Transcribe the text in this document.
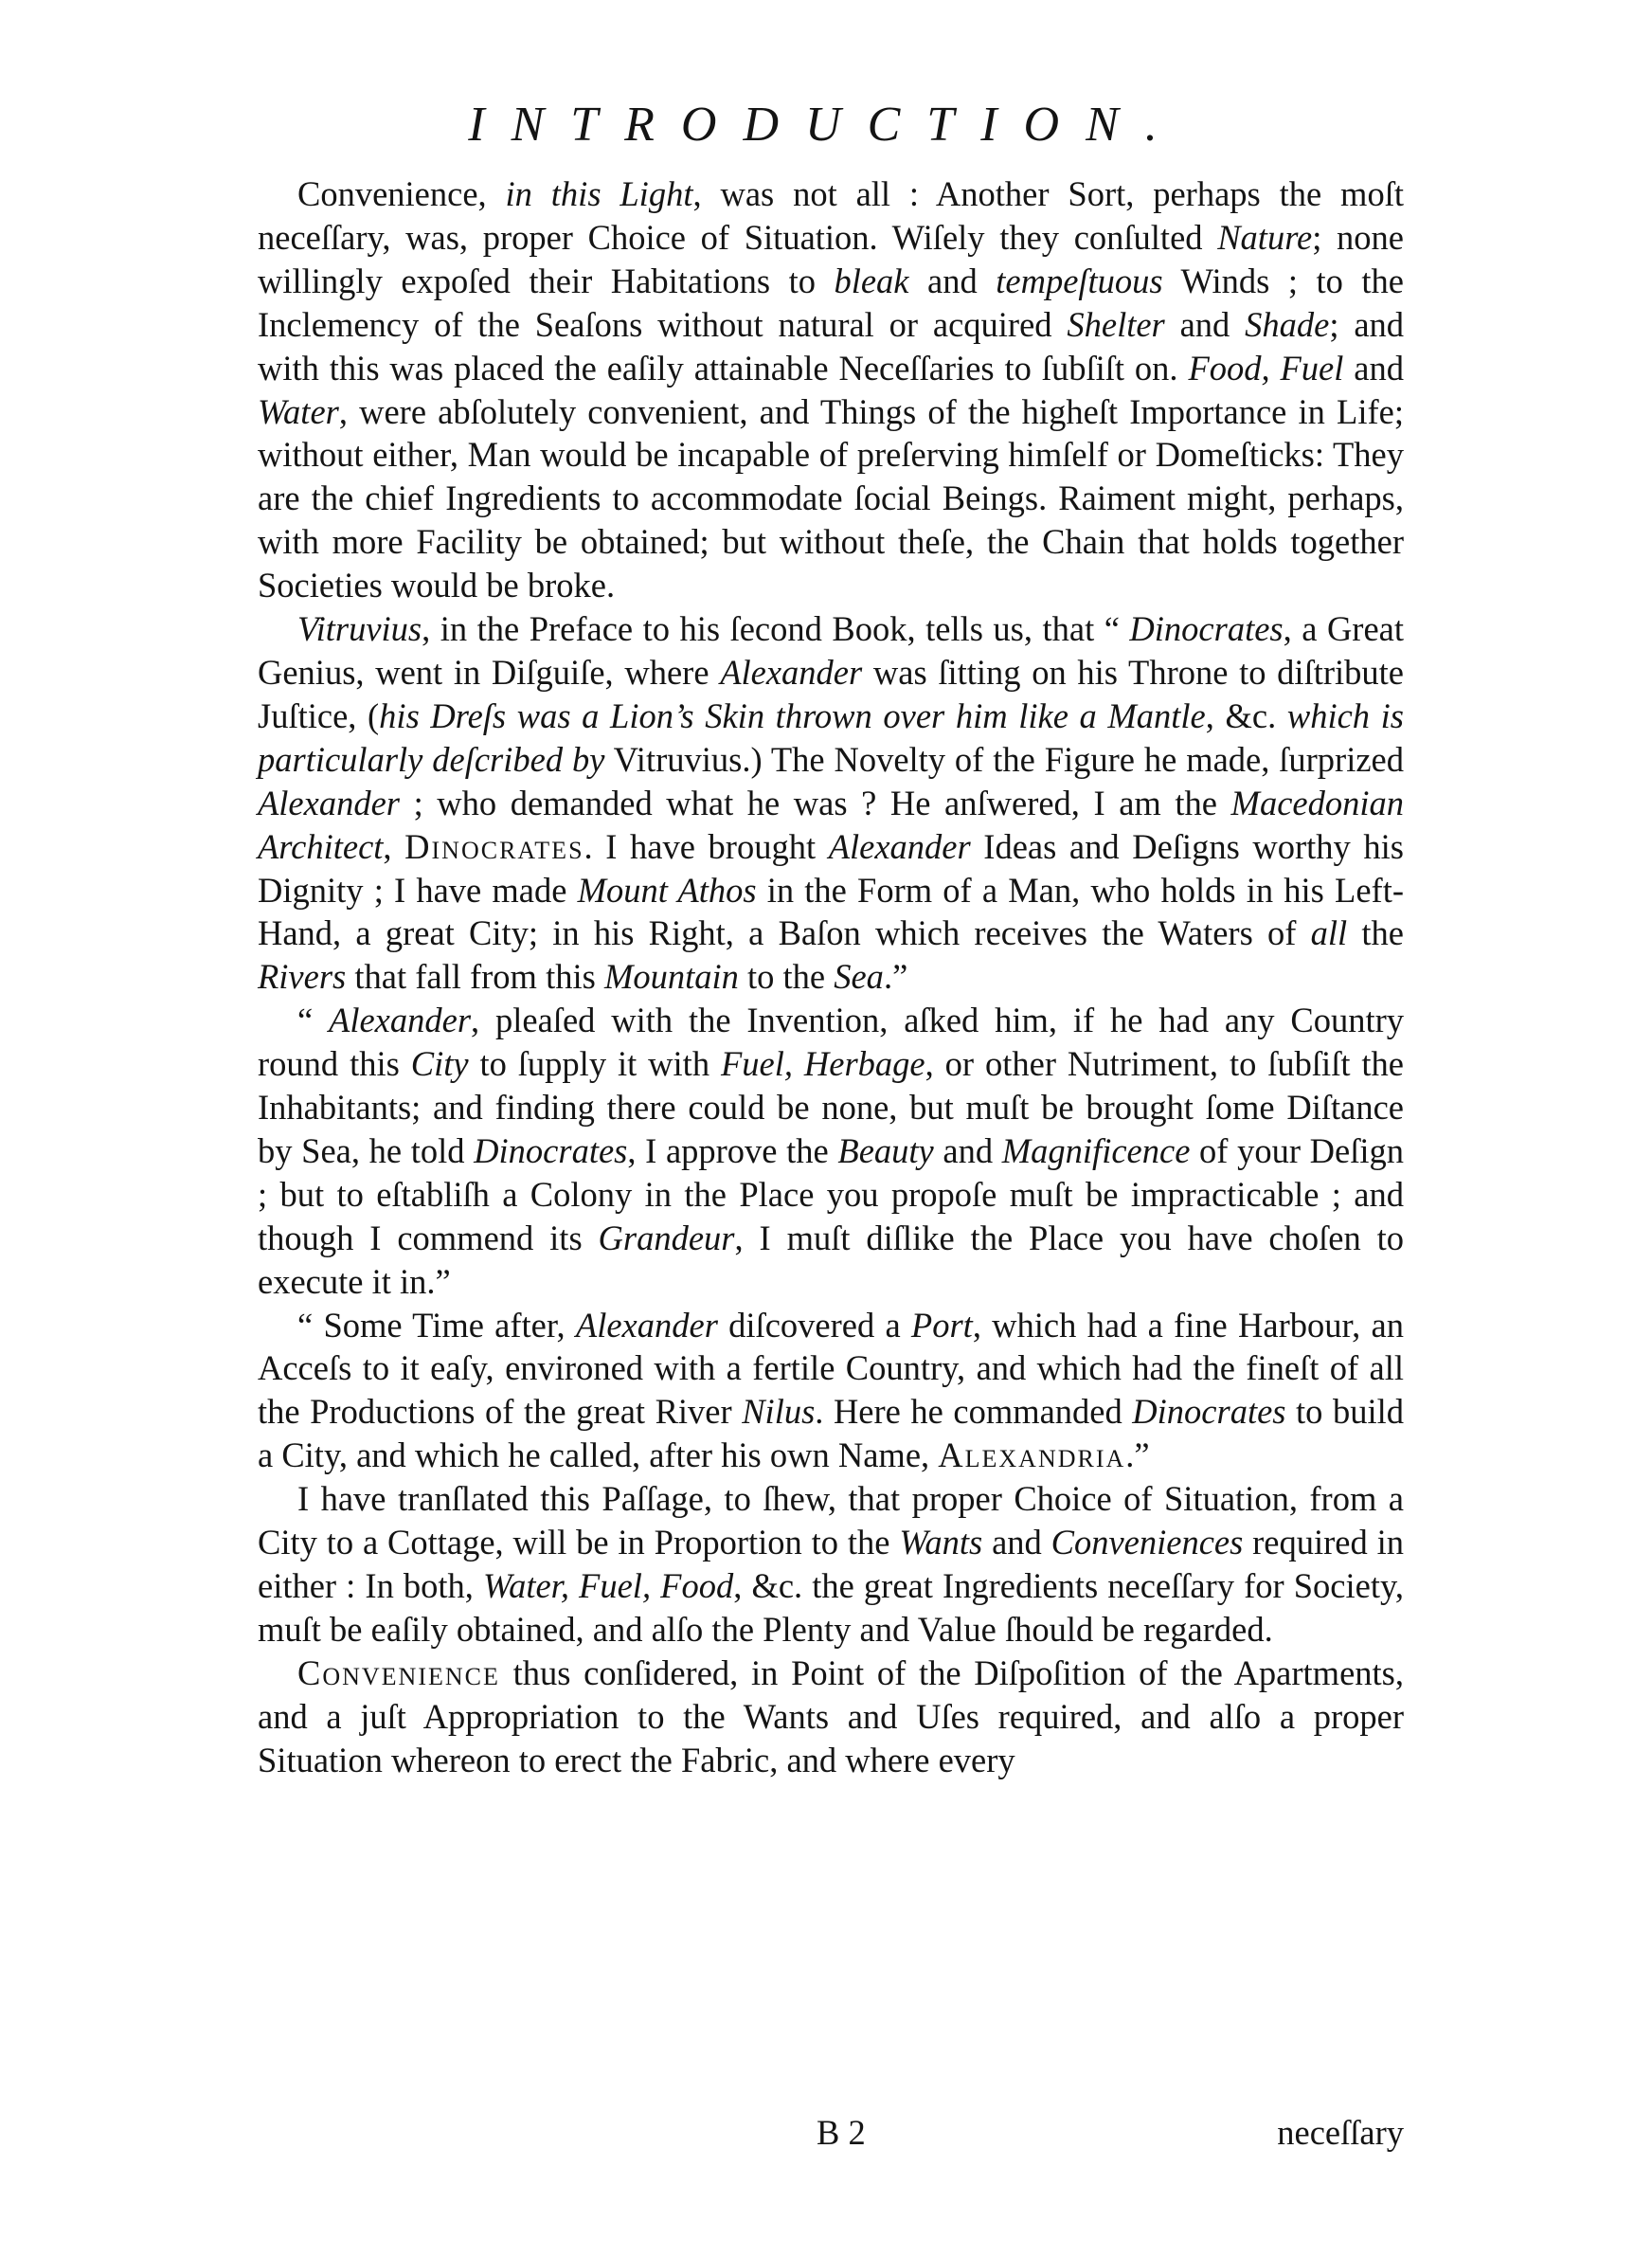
INTRODUCTION.

Convenience, in this Light, was not all : Another Sort, perhaps the moſt neceſſary, was, proper Choice of Situation. Wiſely they conſulted Nature; none willingly expoſed their Habitations to bleak and tempeſtuous Winds ; to the Inclemency of the Seaſons without natural or acquired Shelter and Shade; and with this was placed the eaſily attainable Neceſſaries to ſubſiſt on. Food, Fuel and Water, were abſolutely convenient, and Things of the higheſt Importance in Life; without either, Man would be incapable of preſerving himſelf or Domeſticks: They are the chief Ingredients to accommodate ſocial Beings. Raiment might, perhaps, with more Facility be obtained; but without theſe, the Chain that holds together Societies would be broke.

Vitruvius, in the Preface to his ſecond Book, tells us, that “ Dinocrates, a Great Genius, went in Diſguiſe, where Alexander was ſitting on his Throne to diſtribute Juſtice, (his Dreſs was a Lion’s Skin thrown over him like a Mantle, &c. which is particularly deſcribed by Vitruvius.) The Novelty of the Figure he made, ſurprized Alexander ; who demanded what he was ? He anſwered, I am the Macedonian Architect, Dinocrates. I have brought Alexander Ideas and Deſigns worthy his Dignity ; I have made Mount Athos in the Form of a Man, who holds in his Left-Hand, a great City; in his Right, a Baſon which receives the Waters of all the Rivers that fall from this Mountain to the Sea.”

“ Alexander, pleaſed with the Invention, aſked him, if he had any Country round this City to ſupply it with Fuel, Herbage, or other Nutriment, to ſubſiſt the Inhabitants; and finding there could be none, but muſt be brought ſome Diſtance by Sea, he told Dinocrates, I approve the Beauty and Magnificence of your Deſign ; but to eſtabliſh a Colony in the Place you propoſe muſt be impracticable ; and though I commend its Grandeur, I muſt diſlike the Place you have choſen to execute it in.”

“ Some Time after, Alexander diſcovered a Port, which had a fine Harbour, an Acceſs to it eaſy, environed with a fertile Country, and which had the fineſt of all the Productions of the great River Nilus. Here he commanded Dinocrates to build a City, and which he called, after his own Name, Alexandria.”

I have tranſlated this Paſſage, to ſhew, that proper Choice of Situation, from a City to a Cottage, will be in Proportion to the Wants and Conveniences required in either : In both, Water, Fuel, Food, &c. the great Ingredients neceſſary for Society, muſt be eaſily obtained, and alſo the Plenty and Value ſhould be regarded.

Convenience thus conſidered, in Point of the Diſpoſition of the Apartments, and a juſt Appropriation to the Wants and Uſes required, and alſo a proper Situation whereon to erect the Fabric, and where every

B 2	neceſſary
